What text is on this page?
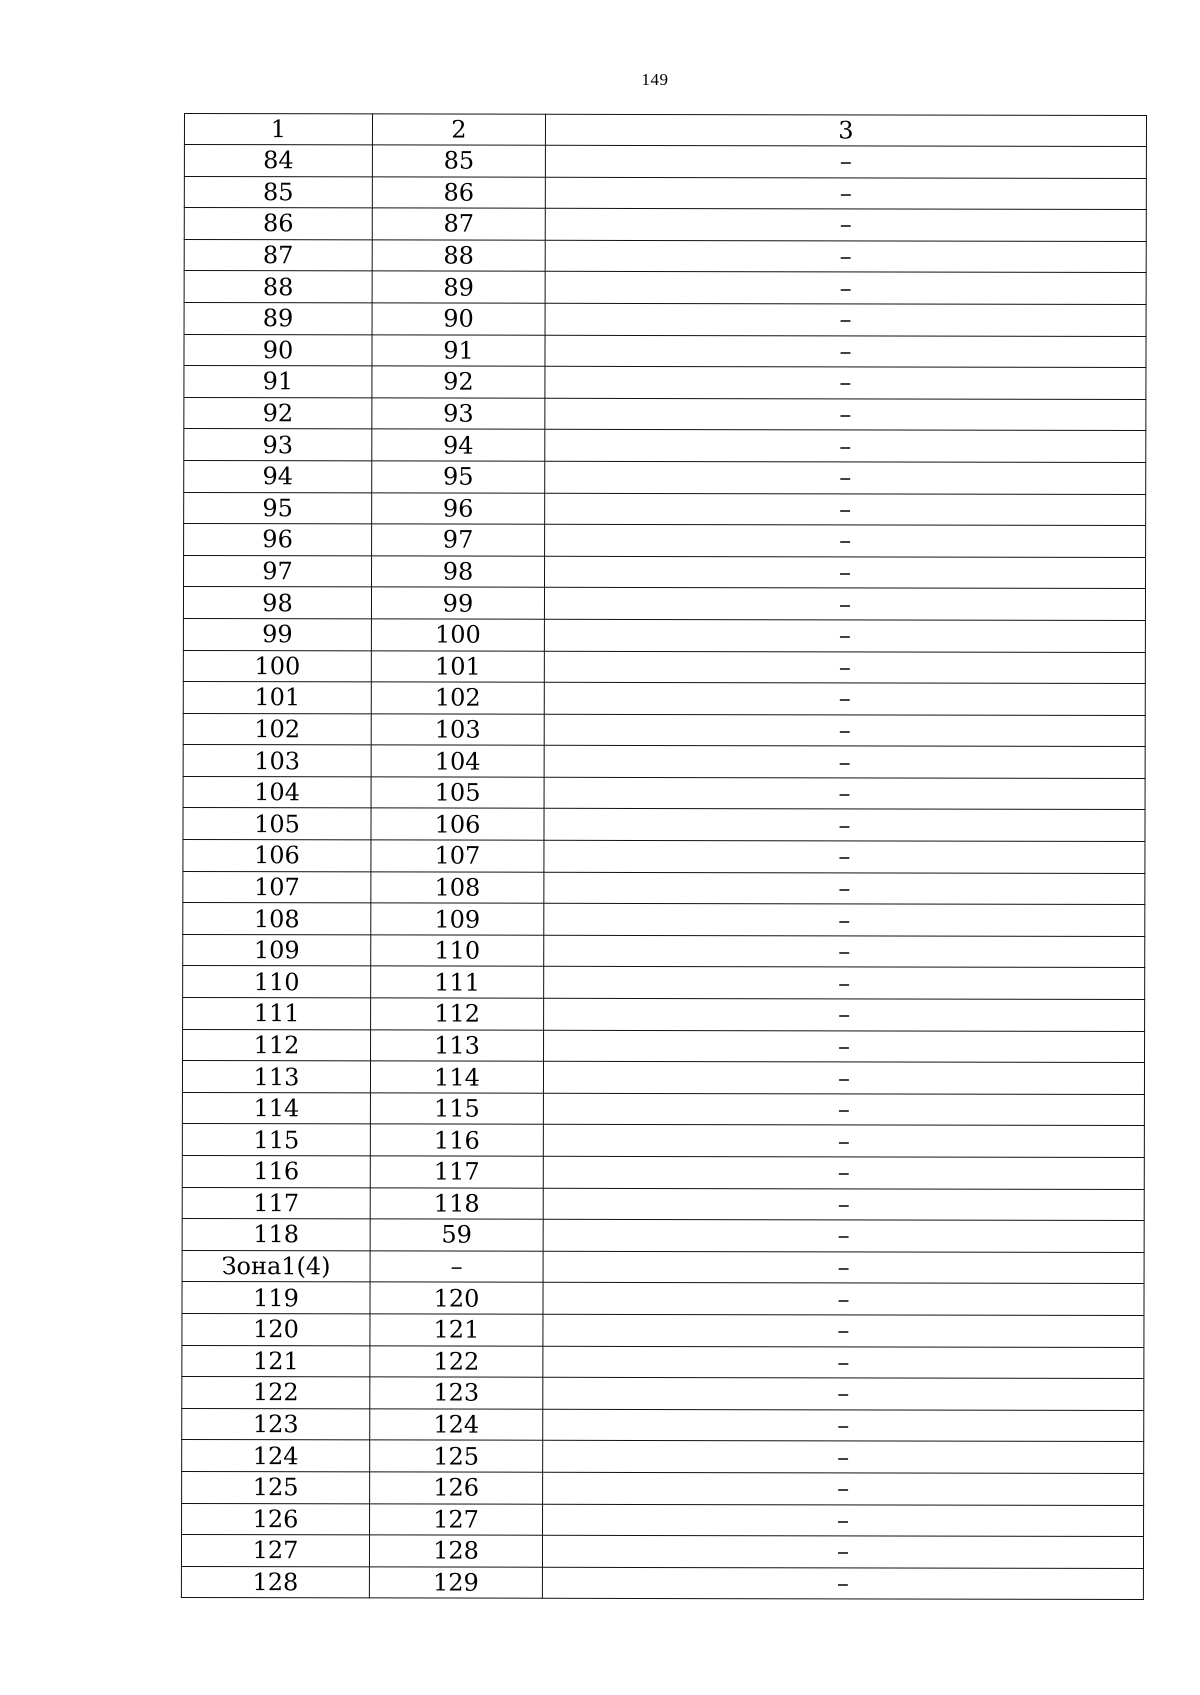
149
1	2	3
84	85	–
85	86	–
86	87	–
87	88	–
88	89	–
89	90	–
90	91	–
91	92	–
92	93	–
93	94	–
94	95	–
95	96	–
96	97	–
97	98	–
98	99	–
99	100	–
100	101	–
101	102	–
102	103	–
103	104	–
104	105	–
105	106	–
106	107	–
107	108	–
108	109	–
109	110	–
110	111	–
111	112	–
112	113	–
113	114	–
114	115	–
115	116	–
116	117	–
117	118	–
118	59	–
Зона1(4)	–	–
119	120	–
120	121	–
121	122	–
122	123	–
123	124	–
124	125	–
125	126	–
126	127	–
127	128	–
128	129	–
